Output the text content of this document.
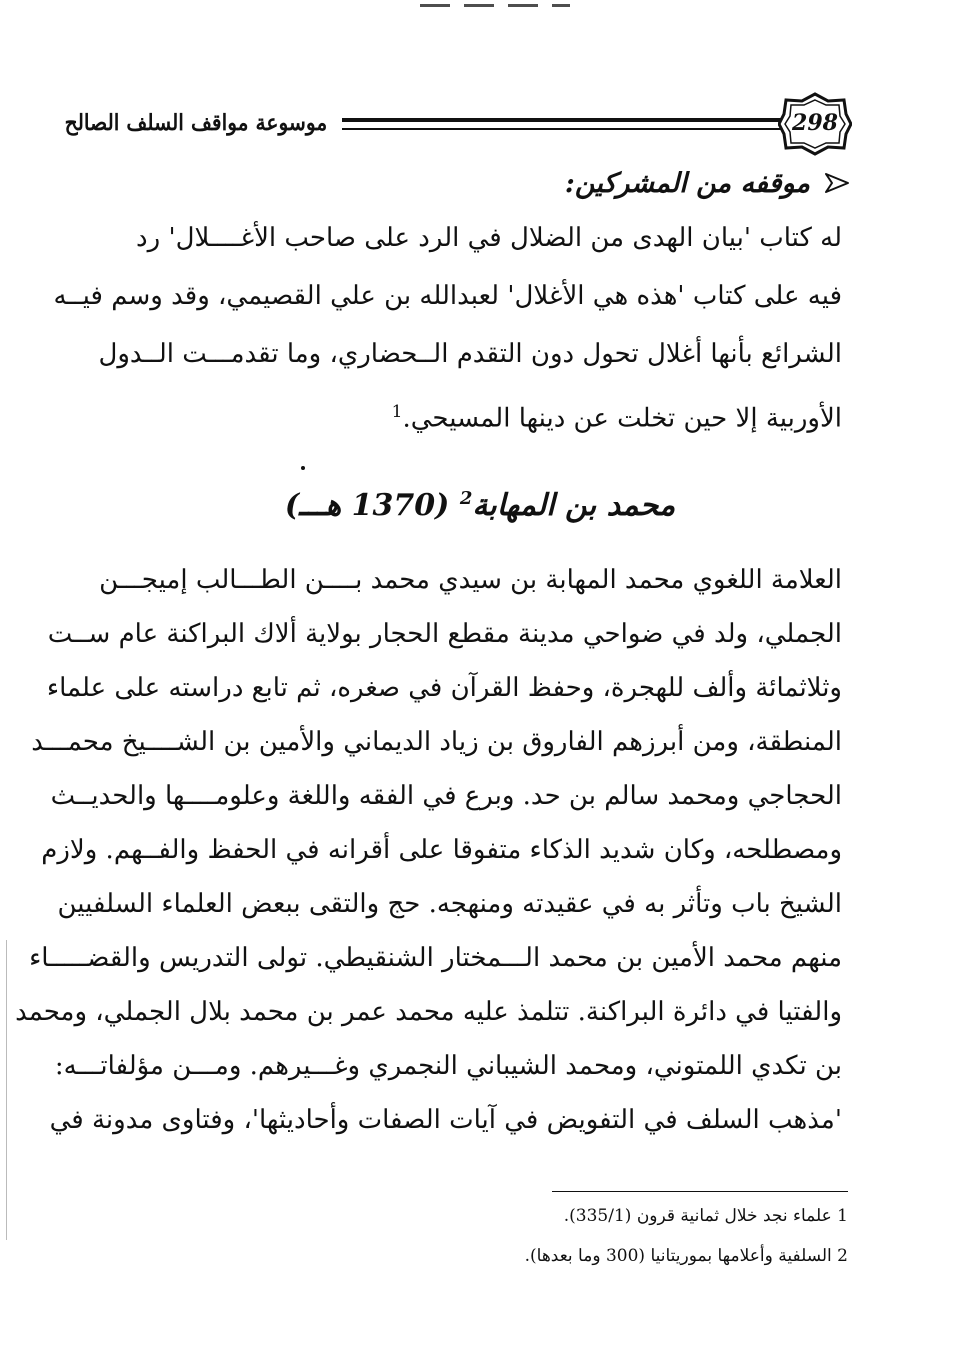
موسوعة مواقف السلف الصالح	298
موقفه من المشركين:
له كتاب 'بيان الهدى من الضلال في الرد على صاحب الأغــــلال' رد
فيه على كتاب 'هذه هي الأغلال' لعبدالله بن علي القصيمي، وقد وسم فيــه
الشرائع بأنها أغلال تحول دون التقدم الــحضاري، وما تقدمـــت الــدول
الأوربية إلا حين تخلت عن دينها المسيحي.$^1$
محمد بن المهابة$^2$ (1370 هـــ)
العلامة اللغوي محمد المهابة بن سيدي محمد بــــن الطـــالب إميجـــن
الجملي، ولد في ضواحي مدينة مقطع الحجار بولاية ألاك البراكنة عام ســت
وثلاثمائة وألف للهجرة، وحفظ القرآن في صغره، ثم تابع دراسته على علماء
المنطقة، ومن أبرزهم الفاروق بن زياد الديماني والأمين بن الشــــيخ محمـــد
الحجاجي ومحمد سالم بن حد. وبرع في الفقه واللغة وعلومــــها والحديــث
ومصطلحه، وكان شديد الذكاء متفوقا على أقرانه في الحفظ والفــهم. ولازم
الشيخ باب وتأثر به في عقيدته ومنهجه. حج والتقى ببعض العلماء السلفيين
منهم محمد الأمين بن محمد الـــمختار الشنقيطي. تولى التدريس والقضـــــاء
والفتيا في دائرة البراكنة. تتلمذ عليه محمد عمر بن محمد بلال الجملي، ومحمد
بن تكدي اللمتوني، ومحمد الشيباني النجمري وغـــيرهم. ومـــن مؤلفاتـــه:
'مذهب السلف في التفويض في آيات الصفات وأحاديثها'، وفتاوى مدونة في
1 علماء نجد خلال ثمانية قرون (335/1).
2 السلفية وأعلامها بموريتانيا (300 وما بعدها).
